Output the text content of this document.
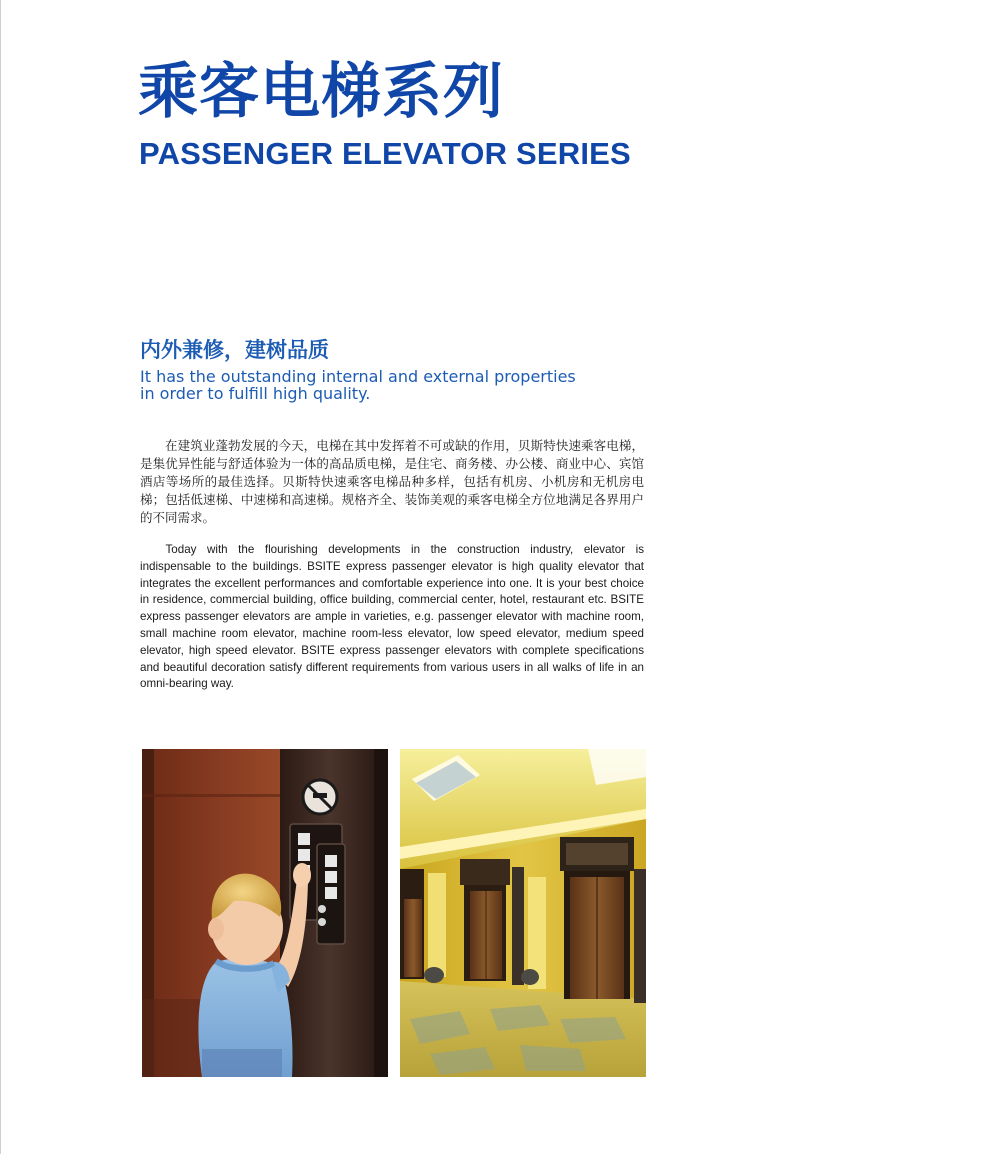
乘客电梯系列
PASSENGER ELEVATOR SERIES
内外兼修，建树品质

It has the outstanding internal and external properties
in order to fulfill high quality.

在建筑业蓬勃发展的今天，电梯在其中发挥着不可或缺的作用，贝斯特快速乘客电梯，是集优异性能与舒适体验为一体的高品质电梯，是住宅、商务楼、办公楼、商业中心、宾馆酒店等场所的最佳选择。贝斯特快速乘客电梯品种多样，包括有机房、小机房和无机房电梯；包括低速梯、中速梯和高速梯。规格齐全、装饰美观的乘客电梯全方位地满足各界用户的不同需求。

Today with the flourishing developments in the construction industry, elevator is indispensable to the buildings. BSITE express passenger elevator is high quality elevator that integrates the excellent performances and comfortable experience into one. It is your best choice in residence, commercial building, office building, commercial center, hotel, restaurant etc. BSITE express passenger elevators are ample in varieties, e.g. passenger elevator with machine room, small machine room elevator, machine room-less elevator, low speed elevator, medium speed elevator, high speed elevator. BSITE express passenger elevators with complete specifications and beautiful decoration satisfy different requirements from various users in all walks of life in an omni-bearing way.
